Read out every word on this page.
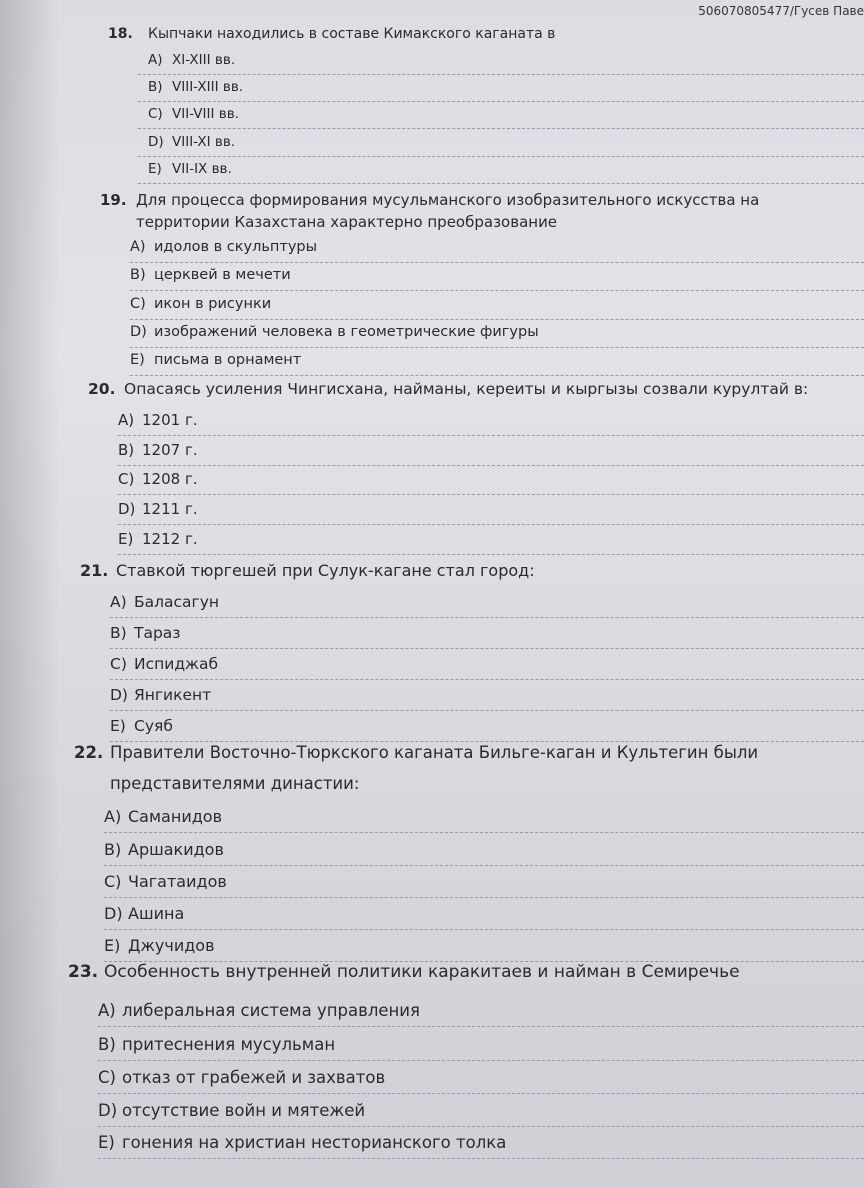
506070805477/Гусев Паве
18. Кыпчаки находились в составе Кимакского каганата в
A) XI-XIII вв.
B) VIII-XIII вв.
C) VII-VIII вв.
D) VIII-XI вв.
E) VII-IX вв.
19. Для процесса формирования мусульманского изобразительного искусства на
территории Казахстана характерно преобразование
A) идолов в скульптуры
B) церквей в мечети
C) икон в рисунки
D) изображений человека в геометрические фигуры
E) письма в орнамент
20. Опасаясь усиления Чингисхана, найманы, кереиты и кыргызы созвали курултай в:
A) 1201 г.
B) 1207 г.
C) 1208 г.
D) 1211 г.
E) 1212 г.
21. Ставкой тюргешей при Сулук-кагане стал город:
A) Баласагун
B) Тараз
C) Испиджаб
D) Янгикент
E) Суяб
22. Правители Восточно-Тюркского каганата Бильге-каган и Культегин были
представителями династии:
A) Саманидов
B) Аршакидов
C) Чагатаидов
D) Ашина
E) Джучидов
23. Особенность внутренней политики каракитаев и найман в Семиречье
A) либеральная система управления
B) притеснения мусульман
C) отказ от грабежей и захватов
D) отсутствие войн и мятежей
E) гонения на христиан несторианского толка
